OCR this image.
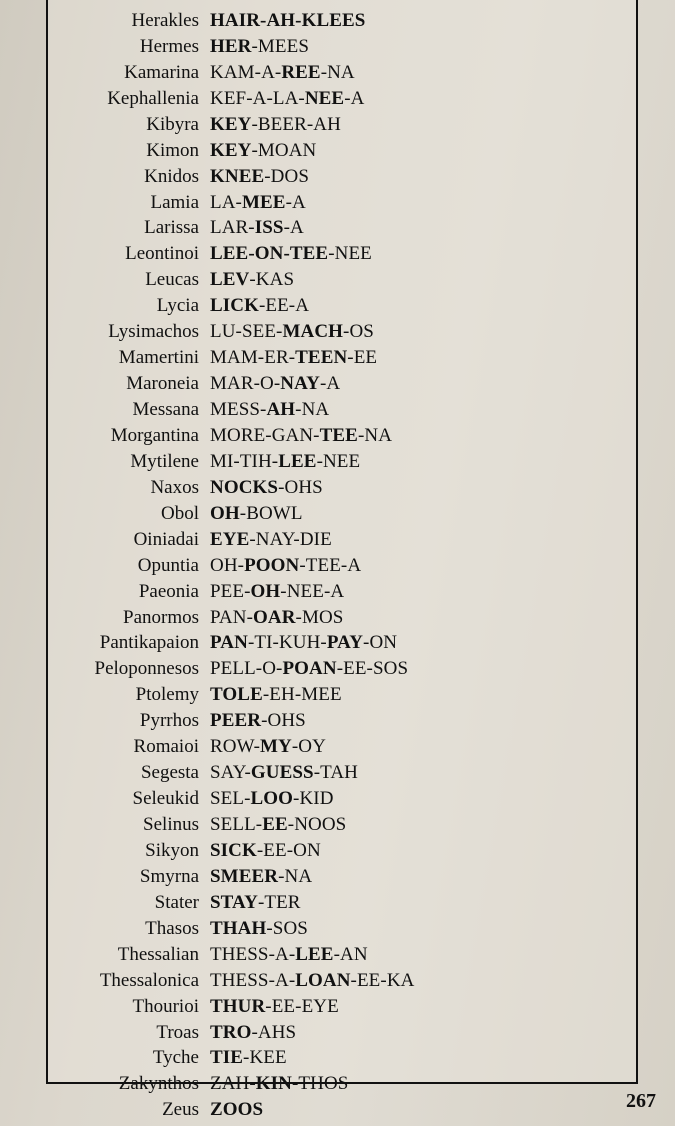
Herakles HAIR-AH-KLEES
Hermes HER-MEES
Kamarina KAM-A-REE-NA
Kephallenia KEF-A-LA-NEE-A
Kibyra KEY-BEER-AH
Kimon KEY-MOAN
Knidos KNEE-DOS
Lamia LA-MEE-A
Larissa LAR-ISS-A
Leontinoi LEE-ON-TEE-NEE
Leucas LEV-KAS
Lycia LICK-EE-A
Lysimachos LU-SEE-MACH-OS
Mamertini MAM-ER-TEEN-EE
Maroneia MAR-O-NAY-A
Messana MESS-AH-NA
Morgantina MORE-GAN-TEE-NA
Mytilene MI-TIH-LEE-NEE
Naxos NOCKS-OHS
Obol OH-BOWL
Oiniadai EYE-NAY-DIE
Opuntia OH-POON-TEE-A
Paeonia PEE-OH-NEE-A
Panormos PAN-OAR-MOS
Pantikapaion PAN-TI-KUH-PAY-ON
Peloponnesos PELL-O-POAN-EE-SOS
Ptolemy TOLE-EH-MEE
Pyrrhos PEER-OHS
Romaioi ROW-MY-OY
Segesta SAY-GUESS-TAH
Seleukid SEL-LOO-KID
Selinus SELL-EE-NOOS
Sikyon SICK-EE-ON
Smyrna SMEER-NA
Stater STAY-TER
Thasos THAH-SOS
Thessalian THESS-A-LEE-AN
Thessalonica THESS-A-LOAN-EE-KA
Thourioi THUR-EE-EYE
Troas TRO-AHS
Tyche TIE-KEE
Zakynthos ZAH-KIN-THOS
Zeus ZOOS	267
